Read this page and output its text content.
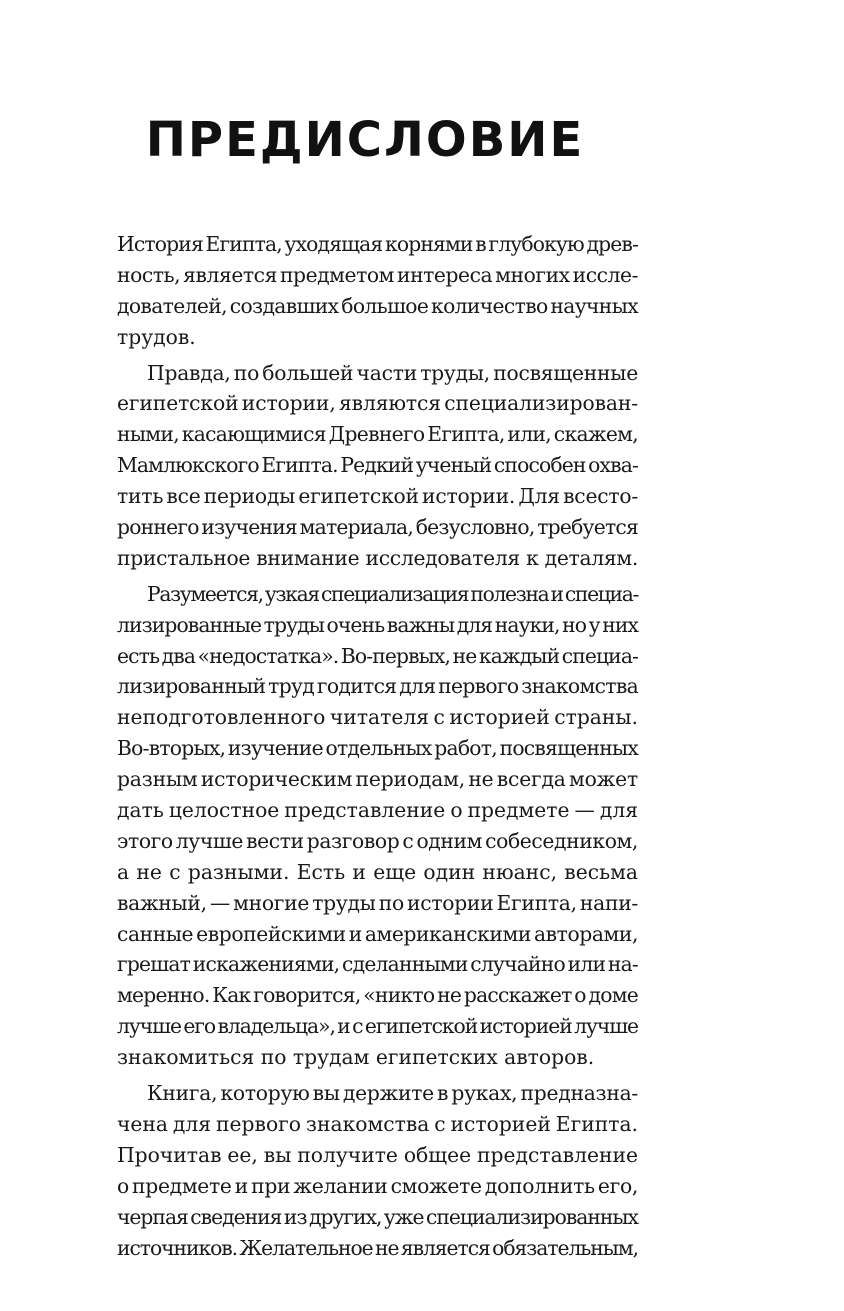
ПРЕДИСЛОВИЕ
История Египта, уходящая корнями в глубокую древ-
ность, является предметом интереса многих иссле-
дователей, создавших большое количество научных
трудов.
Правда, по большей части труды, посвященные
египетской истории, являются специализирован-
ными, касающимися Древнего Египта, или, скажем,
Мамлюкского Египта. Редкий ученый способен охва-
тить все периоды египетской истории. Для всесто-
роннего изучения материала, безусловно, требуется
пристальное внимание исследователя к деталям.
Разумеется, узкая специализация полезна и специа-
лизированные труды очень важны для науки, но у них
есть два «недостатка». Во-первых, не каждый специа-
лизированный труд годится для первого знакомства
неподготовленного читателя с историей страны.
Во-вторых, изучение отдельных работ, посвященных
разным историческим периодам, не всегда может
дать целостное представление о предмете — для
этого лучше вести разговор с одним собеседником,
а не с разными. Есть и еще один нюанс, весьма
важный, — многие труды по истории Египта, напи-
санные европейскими и американскими авторами,
грешат искажениями, сделанными случайно или на-
меренно. Как говорится, «никто не расскажет о доме
лучше его владельца», и с египетской историей лучше
знакомиться по трудам египетских авторов.
Книга, которую вы держите в руках, предназна-
чена для первого знакомства с историей Египта.
Прочитав ее, вы получите общее представление
о предмете и при желании сможете дополнить его,
черпая сведения из других, уже специализированных
источников. Желательное не является обязательным,
